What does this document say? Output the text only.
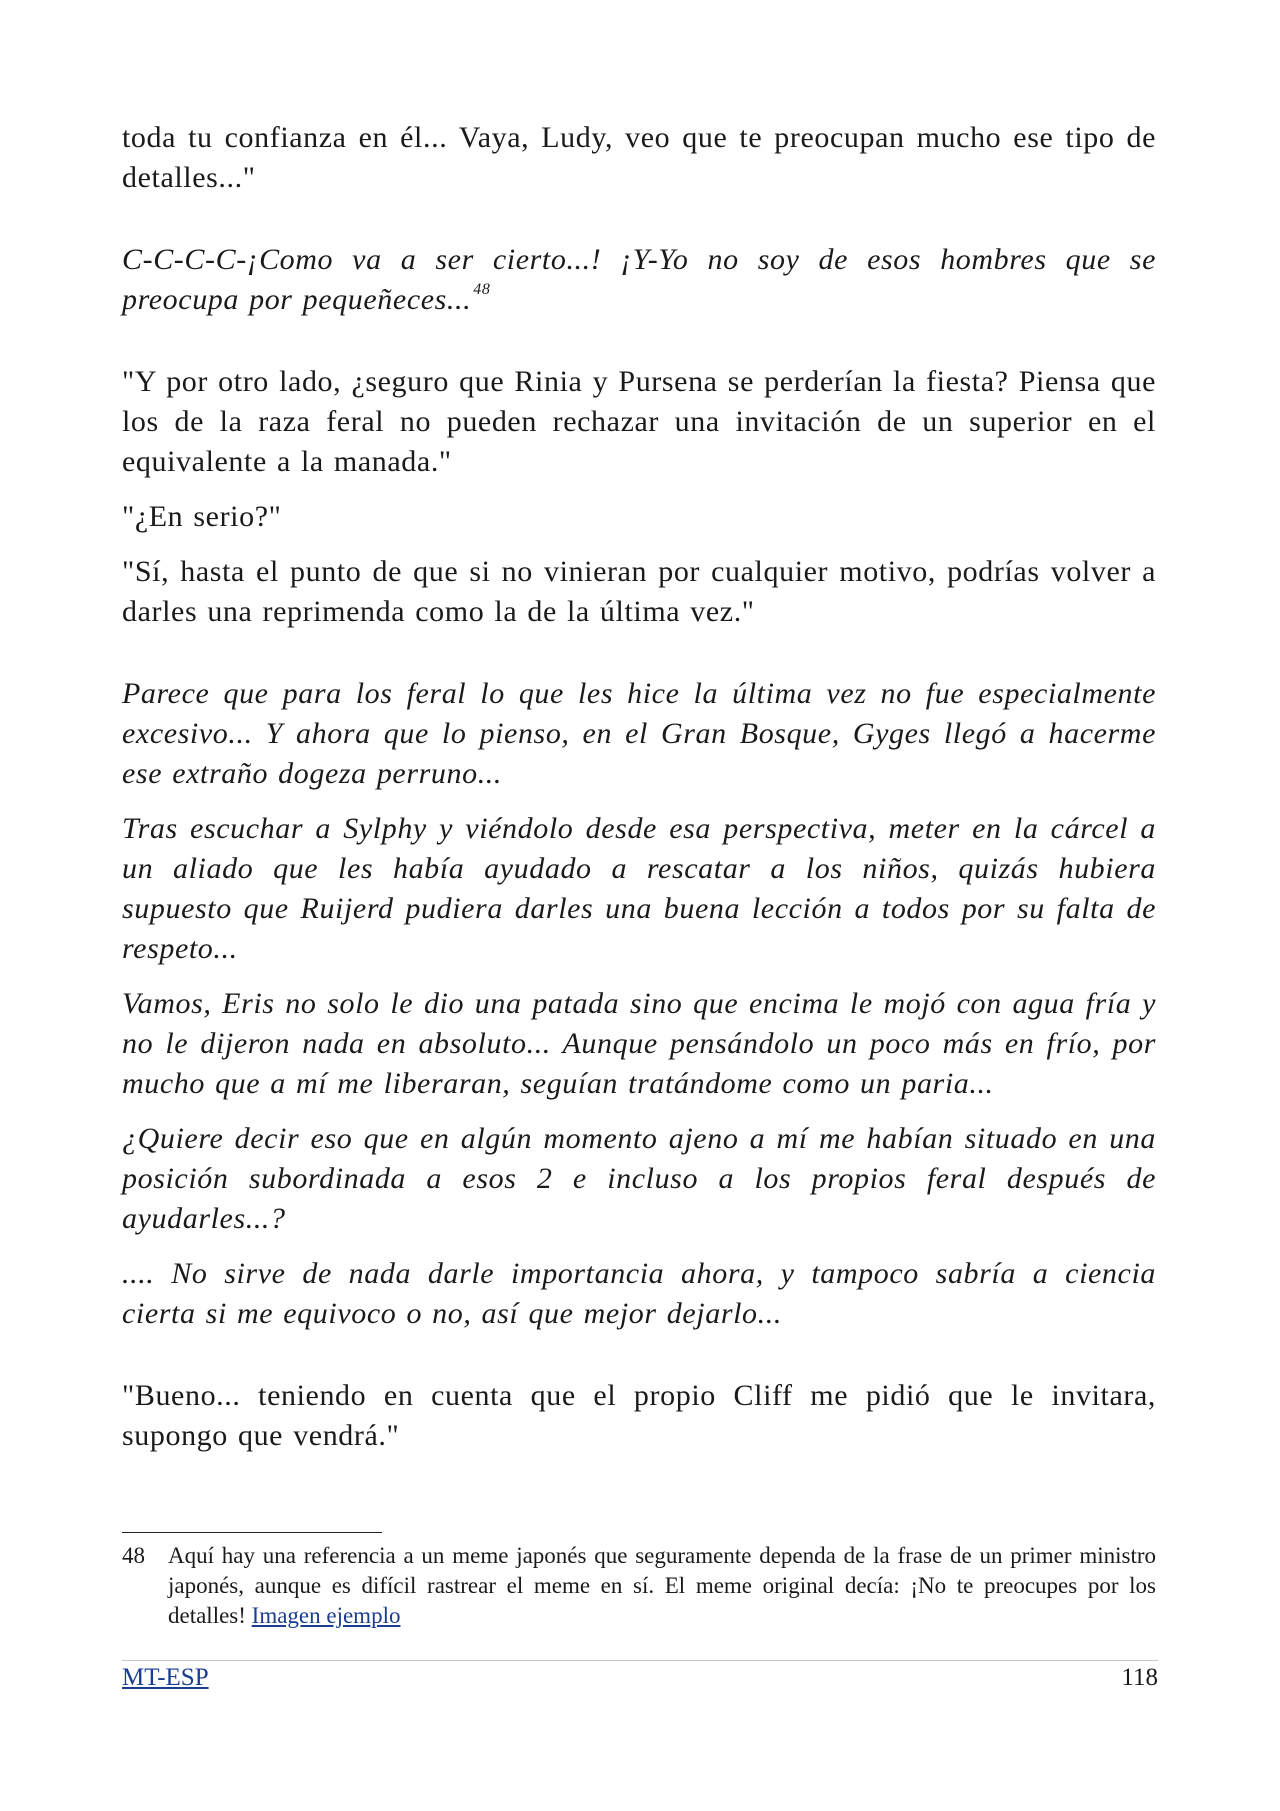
toda tu confianza en él... Vaya, Ludy, veo que te preocupan mucho ese tipo de detalles..."

C-C-C-C-¡Como va a ser cierto...! ¡Y-Yo no soy de esos hombres que se preocupa por pequeñeces... $^{48}$

"Y por otro lado, ¿seguro que Rinia y Pursena se perderían la fiesta? Piensa que los de la raza feral no pueden rechazar una invitación de un superior en el equivalente a la manada."

"¿En serio?"

"Sí, hasta el punto de que si no vinieran por cualquier motivo, podrías volver a darles una reprimenda como la de la última vez."

Parece que para los feral lo que les hice la última vez no fue especialmente excesivo... Y ahora que lo pienso, en el Gran Bosque, Gyges llegó a hacerme ese extraño dogeza perruno...

Tras escuchar a Sylphy y viéndolo desde esa perspectiva, meter en la cárcel a un aliado que les había ayudado a rescatar a los niños, quizás hubiera supuesto que Ruijerd pudiera darles una buena lección a todos por su falta de respeto...

Vamos, Eris no solo le dio una patada sino que encima le mojó con agua fría y no le dijeron nada en absoluto... Aunque pensándolo un poco más en frío, por mucho que a mí me liberaran, seguían tratándome como un paria...

¿Quiere decir eso que en algún momento ajeno a mí me habían situado en una posición subordinada a esos 2 e incluso a los propios feral después de ayudarles...?

.... No sirve de nada darle importancia ahora, y tampoco sabría a ciencia cierta si me equivoco o no, así que mejor dejarlo...

"Bueno... teniendo en cuenta que el propio Cliff me pidió que le invitara, supongo que vendrá."

48	Aquí hay una referencia a un meme japonés que seguramente dependa de la frase de un primer ministro japonés, aunque es difícil rastrear el meme en sí. El meme original decía: ¡No te preocupes por los detalles! Imagen ejemplo
MT-ESP	118
